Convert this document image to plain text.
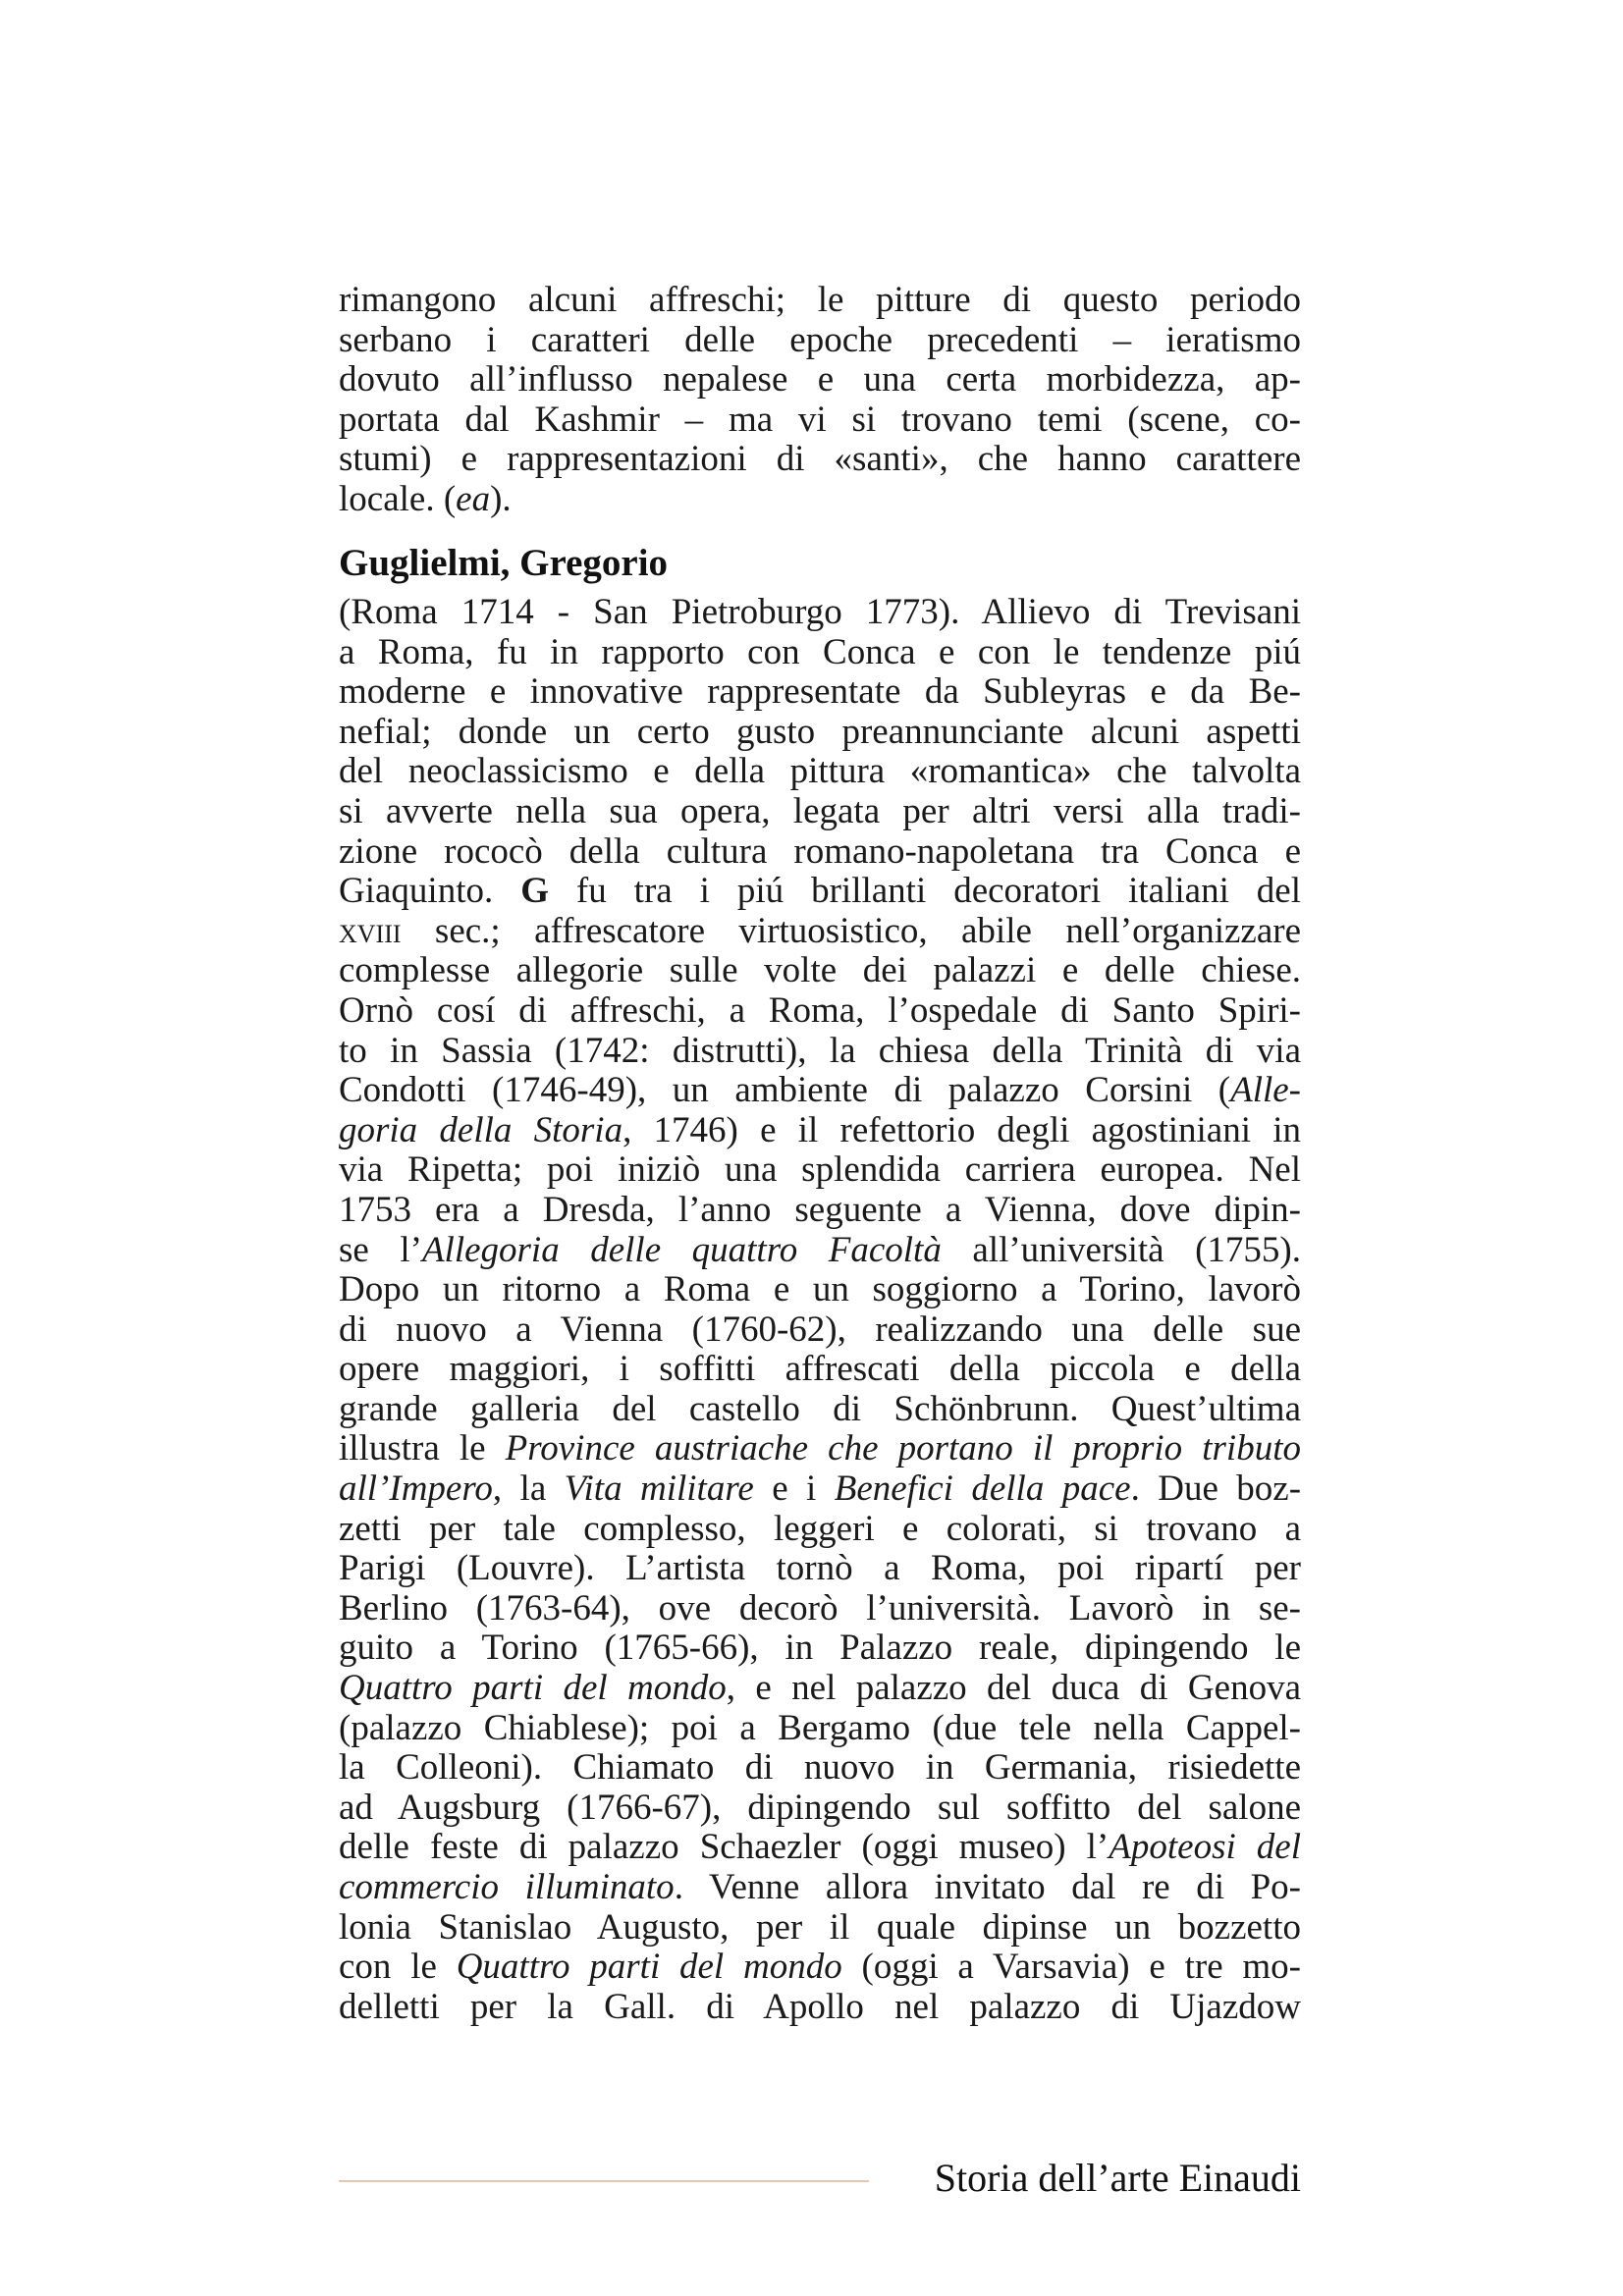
rimangono alcuni affreschi; le pitture di questo periodo
serbano i caratteri delle epoche precedenti – ieratismo
dovuto all’influsso nepalese e una certa morbidezza, ap-
portata dal Kashmir – ma vi si trovano temi (scene, co-
stumi) e rappresentazioni di «santi», che hanno carattere
locale. (ea).
Guglielmi, Gregorio
(Roma 1714 - San Pietroburgo 1773). Allievo di Trevisani
a Roma, fu in rapporto con Conca e con le tendenze piú
moderne e innovative rappresentate da Subleyras e da Be-
nefial; donde un certo gusto preannunciante alcuni aspetti
del neoclassicismo e della pittura «romantica» che talvolta
si avverte nella sua opera, legata per altri versi alla tradi-
zione rococò della cultura romano-napoletana tra Conca e
Giaquinto. G fu tra i piú brillanti decoratori italiani del
xviii sec.; affrescatore virtuosistico, abile nell’organizzare
complesse allegorie sulle volte dei palazzi e delle chiese.
Ornò cosí di affreschi, a Roma, l’ospedale di Santo Spiri-
to in Sassia (1742: distrutti), la chiesa della Trinità di via
Condotti (1746-49), un ambiente di palazzo Corsini (Alle-
goria della Storia, 1746) e il refettorio degli agostiniani in
via Ripetta; poi iniziò una splendida carriera europea. Nel
1753 era a Dresda, l’anno seguente a Vienna, dove dipin-
se l’Allegoria delle quattro Facoltà all’università (1755).
Dopo un ritorno a Roma e un soggiorno a Torino, lavorò
di nuovo a Vienna (1760-62), realizzando una delle sue
opere maggiori, i soffitti affrescati della piccola e della
grande galleria del castello di Schönbrunn. Quest’ultima
illustra le Province austriache che portano il proprio tributo
all’Impero, la Vita militare e i Benefici della pace. Due boz-
zetti per tale complesso, leggeri e colorati, si trovano a
Parigi (Louvre). L’artista tornò a Roma, poi ripartí per
Berlino (1763-64), ove decorò l’università. Lavorò in se-
guito a Torino (1765-66), in Palazzo reale, dipingendo le
Quattro parti del mondo, e nel palazzo del duca di Genova
(palazzo Chiablese); poi a Bergamo (due tele nella Cappel-
la Colleoni). Chiamato di nuovo in Germania, risiedette
ad Augsburg (1766-67), dipingendo sul soffitto del salone
delle feste di palazzo Schaezler (oggi museo) l’Apoteosi del
commercio illuminato. Venne allora invitato dal re di Po-
lonia Stanislao Augusto, per il quale dipinse un bozzetto
con le Quattro parti del mondo (oggi a Varsavia) e tre mo-
delletti per la Gall. di Apollo nel palazzo di Ujazdow
Storia dell’arte Einaudi
